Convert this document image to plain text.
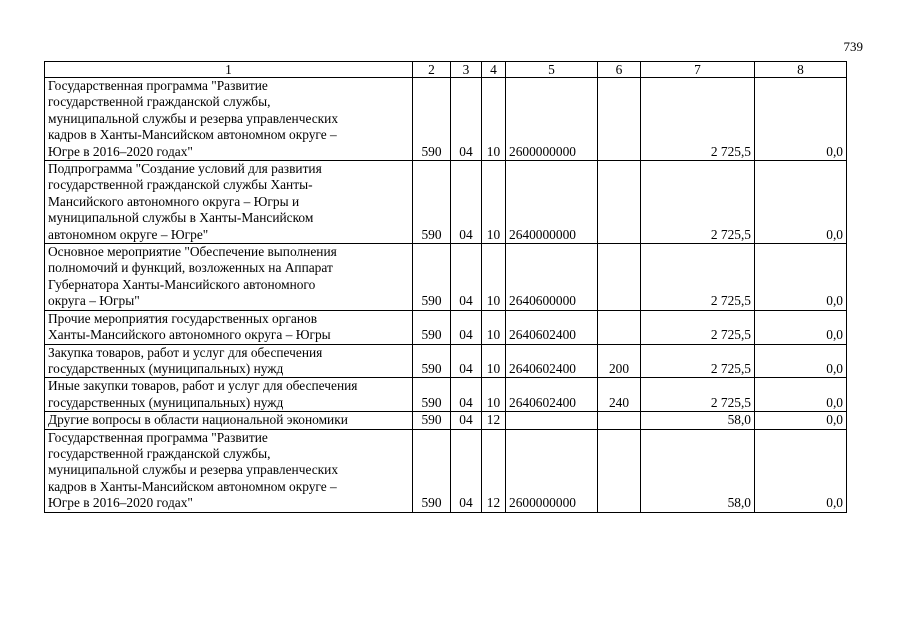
739
1	2	3	4	5	6	7	8
Государственная программа "Развитие
государственной гражданской службы,
муниципальной службы и резерва управленческих
кадров в Ханты-Мансийском автономном округе –
Югре в 2016–2020 годах"	590	04	10	2600000000		2 725,5	0,0
Подпрограмма "Создание условий для развития
государственной гражданской службы Ханты-
Мансийского автономного округа – Югры и
муниципальной службы в Ханты-Мансийском
автономном округе – Югре"	590	04	10	2640000000		2 725,5	0,0
Основное мероприятие "Обеспечение выполнения
полномочий и функций, возложенных на Аппарат
Губернатора Ханты-Мансийского автономного
округа – Югры"	590	04	10	2640600000		2 725,5	0,0
Прочие мероприятия государственных органов
Ханты-Мансийского автономного округа – Югры	590	04	10	2640602400		2 725,5	0,0
Закупка товаров, работ и услуг для обеспечения
государственных (муниципальных) нужд	590	04	10	2640602400	200	2 725,5	0,0
Иные закупки товаров, работ и услуг для обеспечения
государственных (муниципальных) нужд	590	04	10	2640602400	240	2 725,5	0,0
Другие вопросы в области национальной экономики	590	04	12			58,0	0,0
Государственная программа "Развитие
государственной гражданской службы,
муниципальной службы и резерва управленческих
кадров в Ханты-Мансийском автономном округе –
Югре в 2016–2020 годах"	590	04	12	2600000000		58,0	0,0
